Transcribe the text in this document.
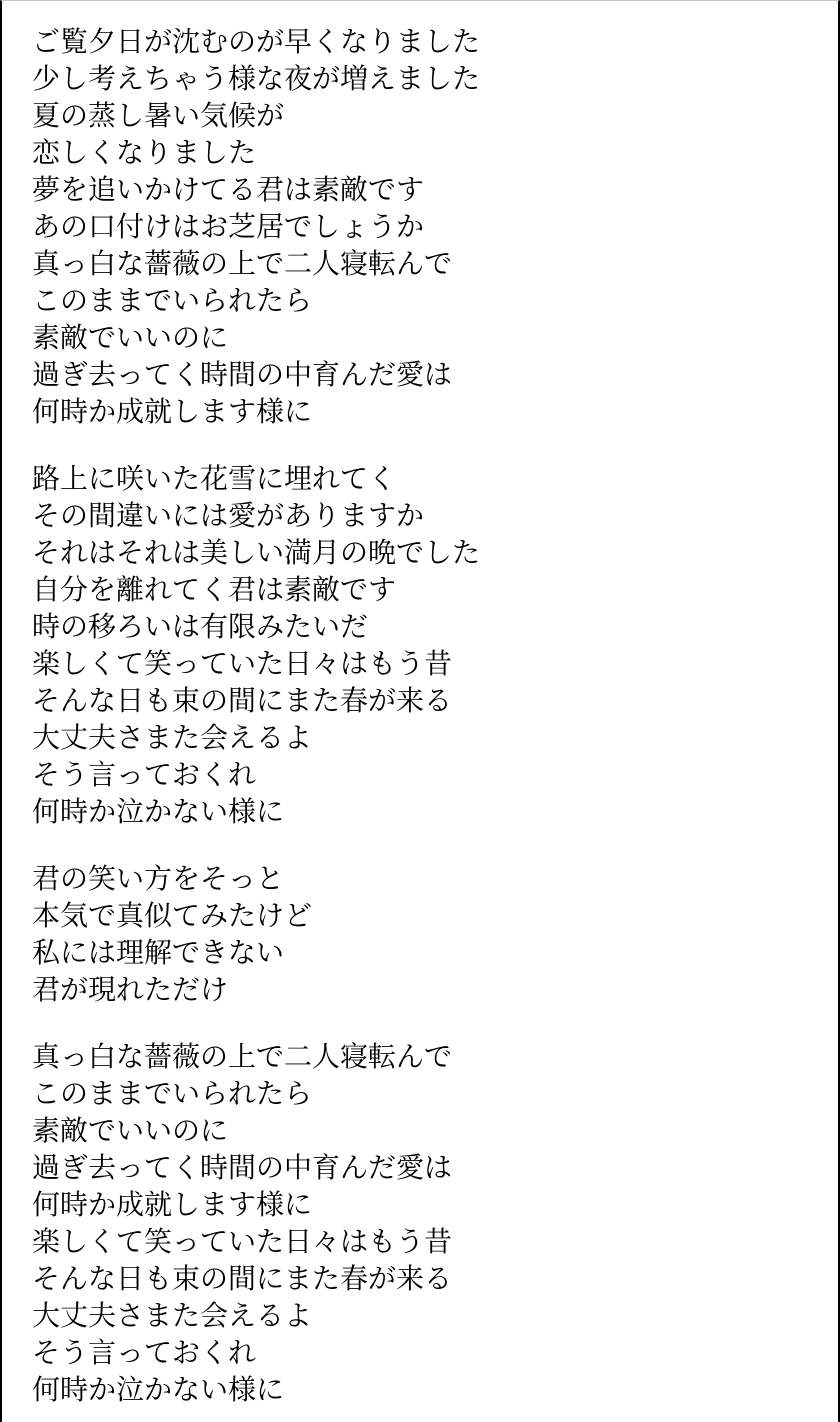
ご覧夕日が沈むのが早くなりました
少し考えちゃう様な夜が増えました
夏の蒸し暑い気候が
恋しくなりました
夢を追いかけてる君は素敵です
あの口付けはお芝居でしょうか
真っ白な薔薇の上で二人寝転んで
このままでいられたら
素敵でいいのに
過ぎ去ってく時間の中育んだ愛は
何時か成就します様に
路上に咲いた花雪に埋れてく
その間違いには愛がありますか
それはそれは美しい満月の晩でした
自分を離れてく君は素敵です
時の移ろいは有限みたいだ
楽しくて笑っていた日々はもう昔
そんな日も束の間にまた春が来る
大丈夫さまた会えるよ
そう言っておくれ
何時か泣かない様に
君の笑い方をそっと
本気で真似てみたけど
私には理解できない
君が現れただけ
真っ白な薔薇の上で二人寝転んで
このままでいられたら
素敵でいいのに
過ぎ去ってく時間の中育んだ愛は
何時か成就します様に
楽しくて笑っていた日々はもう昔
そんな日も束の間にまた春が来る
大丈夫さまた会えるよ
そう言っておくれ
何時か泣かない様に
